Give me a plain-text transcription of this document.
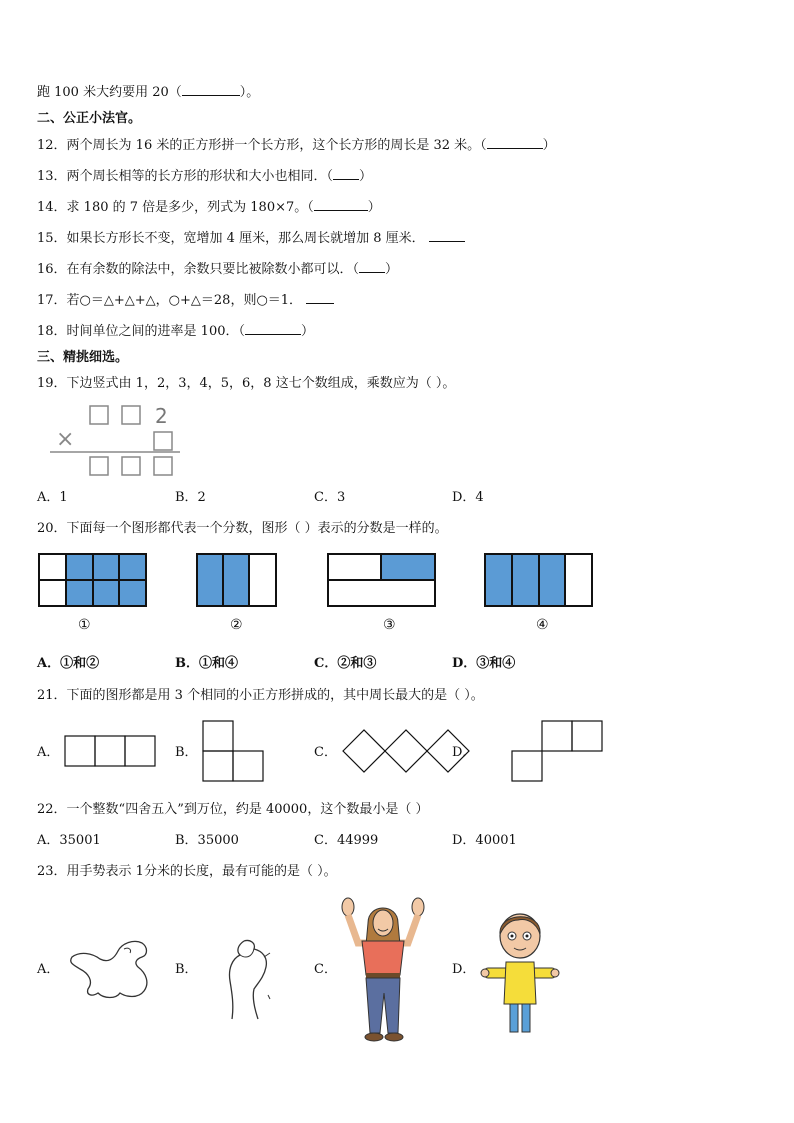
跑 100 米大约要用 20（	）。
二、公正小法官。
12．两个周长为 16 米的正方形拼一个长方形，这个长方形的周长是 32 米。（	）
13．两个周长相等的长方形的形状和大小也相同．（ ）
14．求 180 的 7 倍是多少，列式为 180×7。（	）
15．如果长方形长不变，宽增加 4 厘米，那么周长就增加 8 厘米．
16．在有余数的除法中，余数只要比被除数小都可以．（ ）
17．若○＝△+△+△，○+△＝28，则○＝1．
18．时间单位之间的进率是 100．（	）
三、精挑细选。
19．下边竖式由 1，2，3，4，5，6，8 这七个数组成，乘数应为（ ）。
2
×
A．1	B．2	C．3	D．4
20．下面每一个图形都代表一个分数，图形（ ）表示的分数是一样的。
①	②	③	④
A．①和②	B．①和④	C．②和③	D．③和④
21．下面的图形都是用 3 个相同的小正方形拼成的，其中周长最大的是（ ）。
A．	B．	C．	D．
22．一个整数“四舍五入”到万位，约是 40000，这个数最小是（ ）
A．35001	B．35000	C．44999	D．40001
23．用手势表示 1分米的长度，最有可能的是（ ）。
A．	B．	C．	D．
